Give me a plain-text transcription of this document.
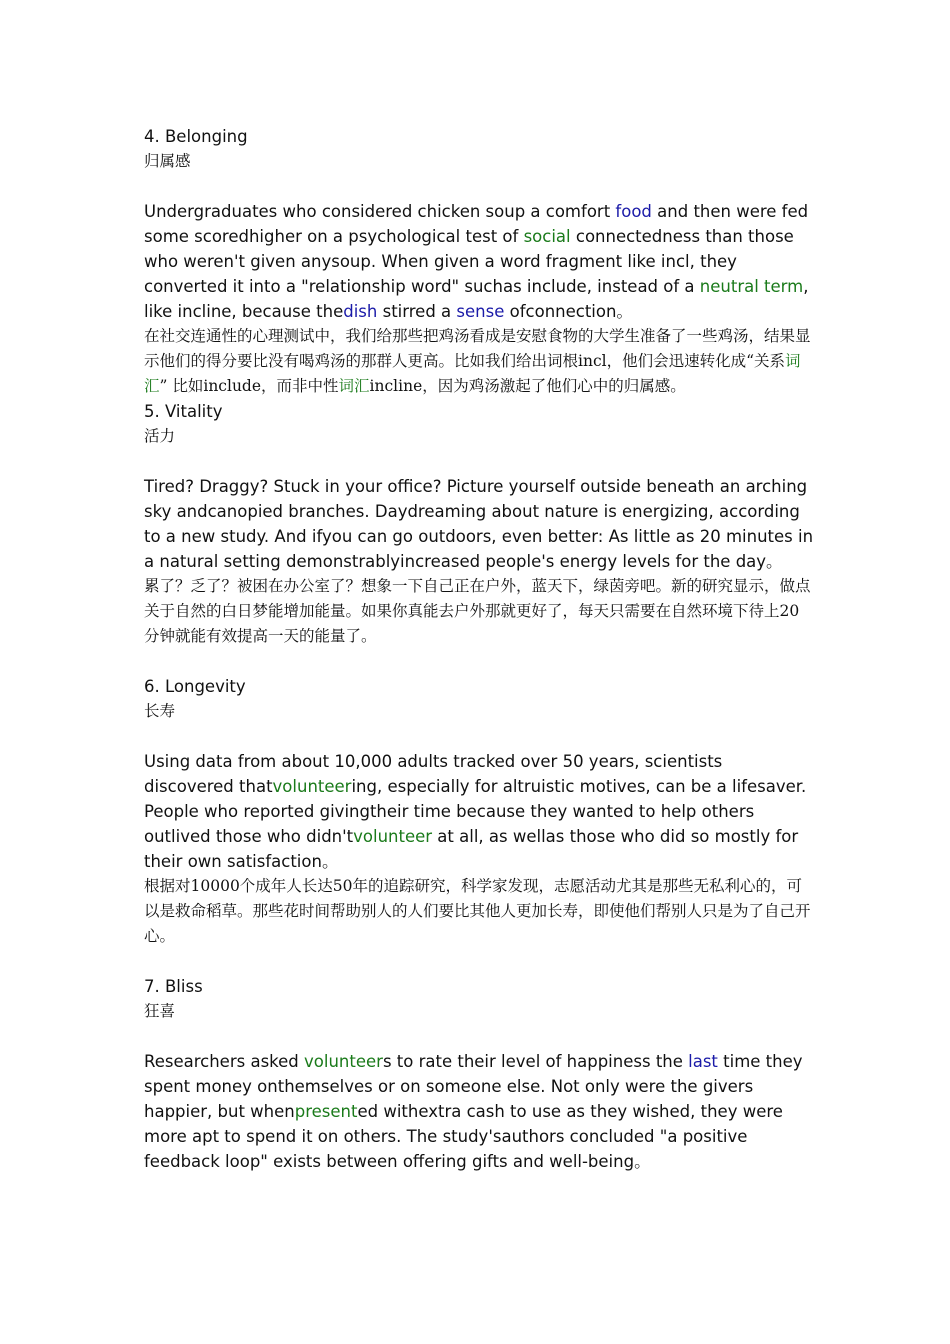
4. Belonging

归属感

Undergraduates who considered chicken soup a comfort food and then were fed some scoredhigher on a psychological test of social connectedness than those who weren't given anysoup. When given a word fragment like incl, they converted it into a "relationship word" suchas include, instead of a neutral term, like incline, because thedish stirred a sense ofconnection。

在社交连通性的心理测试中，我们给那些把鸡汤看成是安慰食物的大学生准备了一些鸡汤，结果显示他们的得分要比没有喝鸡汤的那群人更高。比如我们给出词根incl，他们会迅速转化成“关系词汇” 比如include，而非中性词汇incline，因为鸡汤激起了他们心中的归属感。

5. Vitality

活力

Tired? Draggy? Stuck in your office? Picture yourself outside beneath an arching sky andcanopied branches. Daydreaming about nature is energizing, according to a new study. And ifyou can go outdoors, even better: As little as 20 minutes in a natural setting demonstrablyincreased people's energy levels for the day。

累了？乏了？被困在办公室了？想象一下自己正在户外，蓝天下，绿茵旁吧。新的研究显示，做点关于自然的白日梦能增加能量。如果你真能去户外那就更好了，每天只需要在自然环境下待上20分钟就能有效提高一天的能量了。

6. Longevity

长寿

Using data from about 10,000 adults tracked over 50 years, scientists discovered thatvolunteering, especially for altruistic motives, can be a lifesaver. People who reported givingtheir time because they wanted to help others outlived those who didn'tvolunteer at all, as wellas those who did so mostly for their own satisfaction。

根据对10000个成年人长达50年的追踪研究，科学家发现，志愿活动尤其是那些无私利心的，可以是救命稻草。那些花时间帮助别人的人们要比其他人更加长寿，即使他们帮别人只是为了自己开心。

7. Bliss

狂喜

Researchers asked volunteers to rate their level of happiness the last time they spent money onthemselves or on someone else. Not only were the givers happier, but whenpresented withextra cash to use as they wished, they were more apt to spend it on others. The study'sauthors concluded "a positive feedback loop" exists between offering gifts and well-being。
